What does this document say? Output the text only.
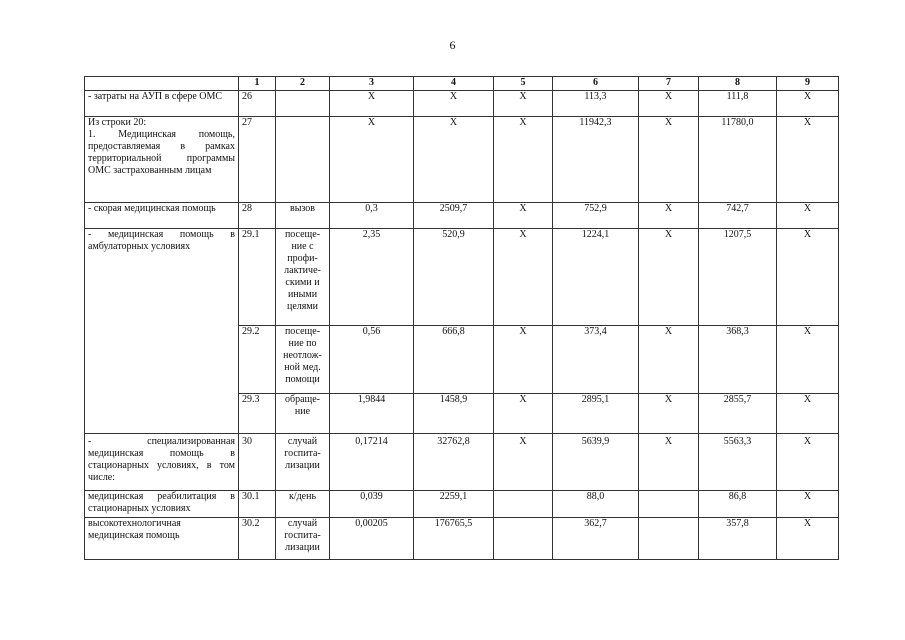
6
	1	2	3	4	5	6	7	8	9
- затраты на АУП в сфере ОМС	26		X	X	X	113,3	X	111,8	X
Из строки 20:
1. Медицинская помощь, предоставляемая в рамках территориальной программы ОМС застрахованным лицам	27		X	X	X	11942,3	X	11780,0	X
- скорая медицинская помощь	28	вызов	0,3	2509,7	X	752,9	X	742,7	X
- медицинская помощь в амбулаторных условиях	29.1	посеще-ние с профи-лактиче-скими и иными целями	2,35	520,9	X	1224,1	X	1207,5	X
	29.2	посеще-ние по неотлож-ной мед. помощи	0,56	666,8	X	373,4	X	368,3	X
	29.3	обраще-ние	1,9844	1458,9	X	2895,1	X	2855,7	X
- специализированная медицинская помощь в стационарных условиях, в том числе:	30	случай госпита-лизации	0,17214	32762,8	X	5639,9	X	5563,3	X
медицинская реабилитация в стационарных условиях	30.1	к/день	0,039	2259,1		88,0		86,8	X
высокотехнологичная медицинская помощь	30.2	случай госпита-лизации	0,00205	176765,5		362,7		357,8	X
